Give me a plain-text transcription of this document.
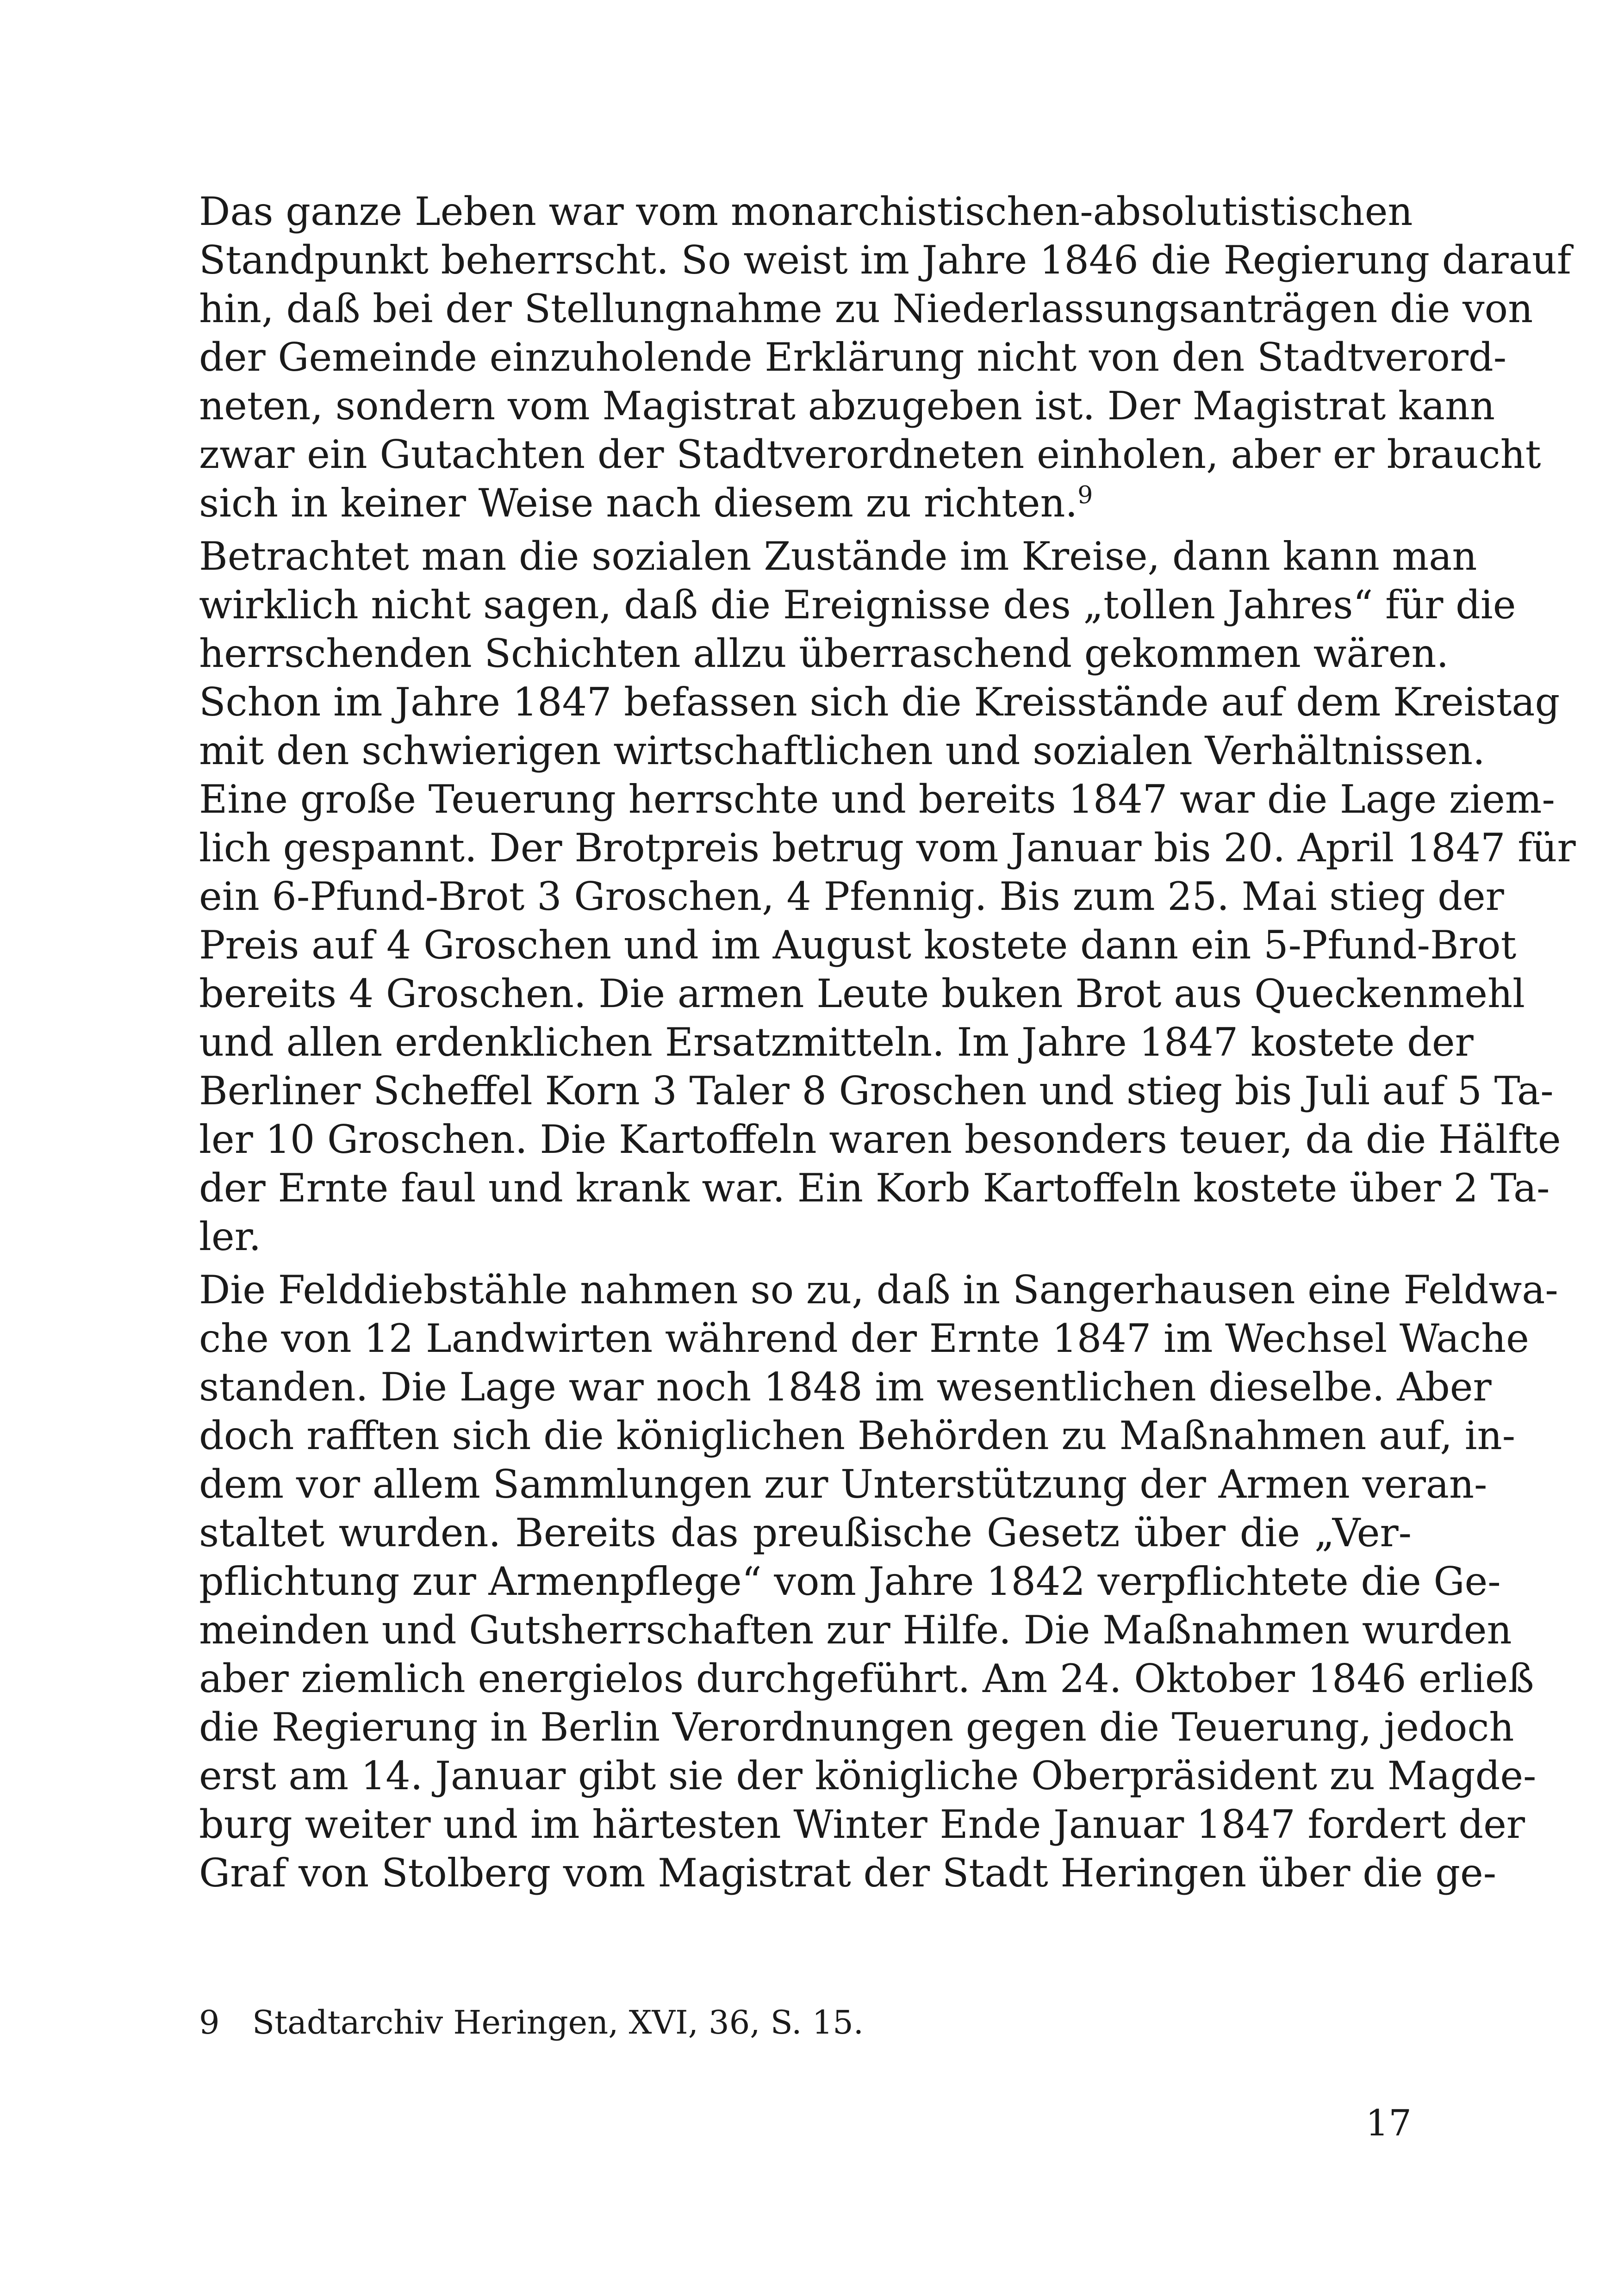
Das ganze Leben war vom monarchistischen-absolutistischen
Standpunkt beherrscht. So weist im Jahre 1846 die Regierung darauf
hin, daß bei der Stellungnahme zu Niederlassungsanträgen die von
der Gemeinde einzuholende Erklärung nicht von den Stadtverord-
neten, sondern vom Magistrat abzugeben ist. Der Magistrat kann
zwar ein Gutachten der Stadtverordneten einholen, aber er braucht
sich in keiner Weise nach diesem zu richten.$^9$
Betrachtet man die sozialen Zustände im Kreise, dann kann man
wirklich nicht sagen, daß die Ereignisse des „tollen Jahres“ für die
herrschenden Schichten allzu überraschend gekommen wären.
Schon im Jahre 1847 befassen sich die Kreisstände auf dem Kreistag
mit den schwierigen wirtschaftlichen und sozialen Verhältnissen.
Eine große Teuerung herrschte und bereits 1847 war die Lage ziem-
lich gespannt. Der Brotpreis betrug vom Januar bis 20. April 1847 für
ein 6-Pfund-Brot 3 Groschen, 4 Pfennig. Bis zum 25. Mai stieg der
Preis auf 4 Groschen und im August kostete dann ein 5-Pfund-Brot
bereits 4 Groschen. Die armen Leute buken Brot aus Queckenmehl
und allen erdenklichen Ersatzmitteln. Im Jahre 1847 kostete der
Berliner Scheffel Korn 3 Taler 8 Groschen und stieg bis Juli auf 5 Ta-
ler 10 Groschen. Die Kartoffeln waren besonders teuer, da die Hälfte
der Ernte faul und krank war. Ein Korb Kartoffeln kostete über 2 Ta-
ler.
Die Felddiebstähle nahmen so zu, daß in Sangerhausen eine Feldwa-
che von 12 Landwirten während der Ernte 1847 im Wechsel Wache
standen. Die Lage war noch 1848 im wesentlichen dieselbe. Aber
doch rafften sich die königlichen Behörden zu Maßnahmen auf, in-
dem vor allem Sammlungen zur Unterstützung der Armen veran-
staltet wurden. Bereits das preußische Gesetz über die „Ver-
pflichtung zur Armenpflege“ vom Jahre 1842 verpflichtete die Ge-
meinden und Gutsherrschaften zur Hilfe. Die Maßnahmen wurden
aber ziemlich energielos durchgeführt. Am 24. Oktober 1846 erließ
die Regierung in Berlin Verordnungen gegen die Teuerung, jedoch
erst am 14. Januar gibt sie der königliche Oberpräsident zu Magde-
burg weiter und im härtesten Winter Ende Januar 1847 fordert der
Graf von Stolberg vom Magistrat der Stadt Heringen über die ge-
9 Stadtarchiv Heringen, XVI, 36, S. 15.
17
